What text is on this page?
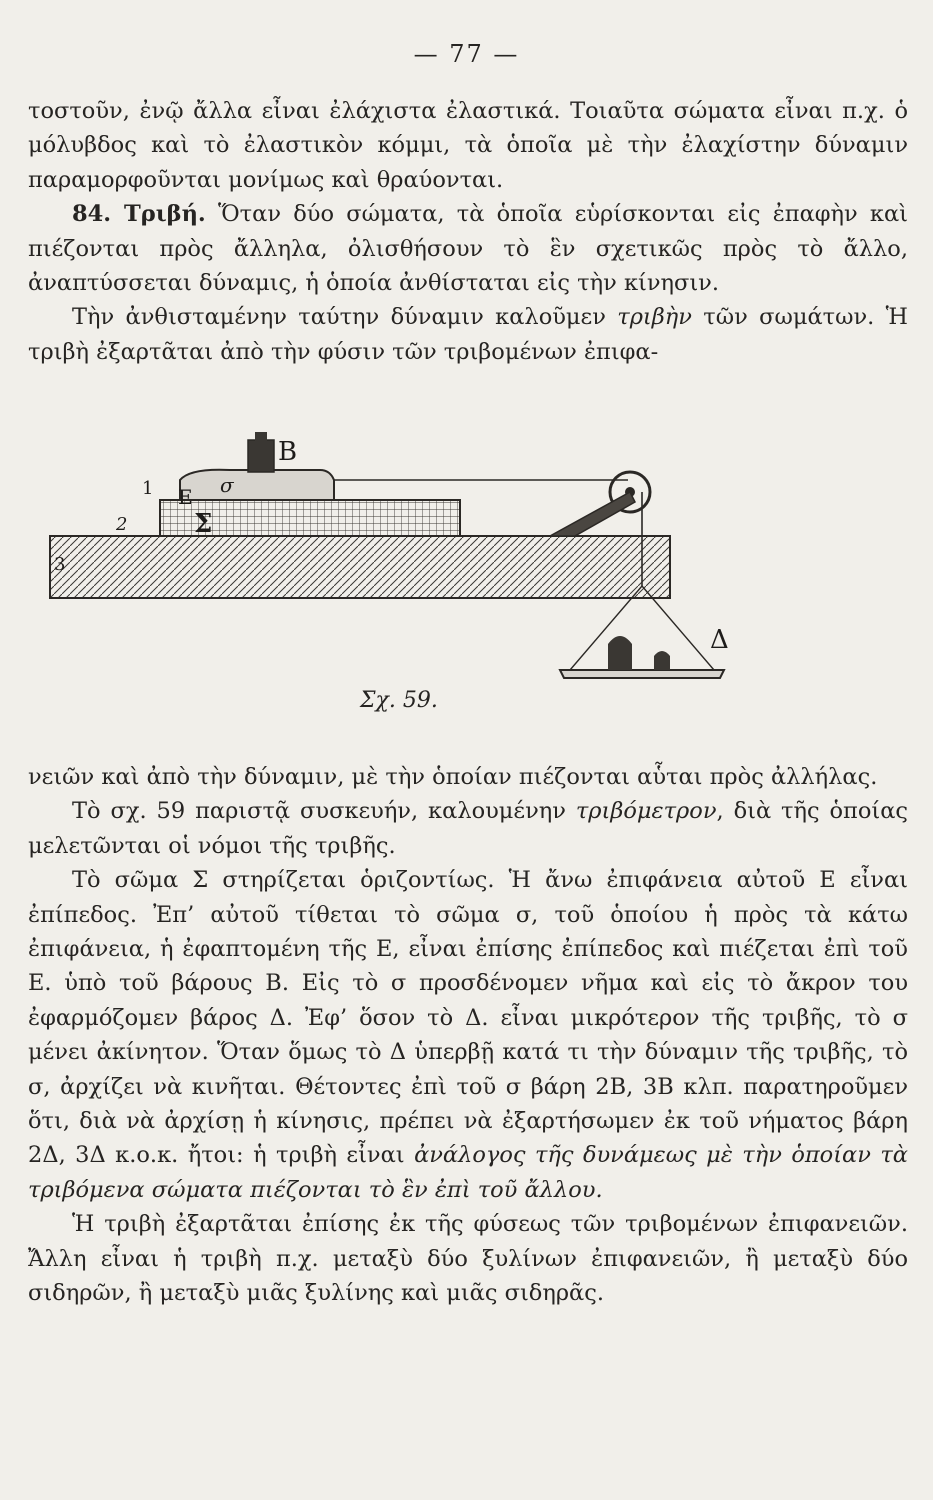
— 77 —

τοστοῦν, ἐνῷ ἄλλα εἶναι ἐλάχιστα ἐλαστικά. Τοιαῦτα σώματα εἶναι π.χ. ὁ μόλυβδος καὶ τὸ ἐλαστικὸν κόμμι, τὰ ὁποῖα μὲ τὴν ἐλαχίστην δύναμιν παραμορφοῦνται μονίμως καὶ θραύονται.

84. Τριβή. Ὅταν δύο σώματα, τὰ ὁποῖα εὑρίσκονται εἰς ἐπαφὴν καὶ πιέζονται πρὸς ἄλληλα, ὀλισθήσουν τὸ ἓν σχετικῶς πρὸς τὸ ἄλλο, ἀναπτύσσεται δύναμις, ἡ ὁποία ἀνθίσταται εἰς τὴν κίνησιν.

Τὴν ἀνθισταμένην ταύτην δύναμιν καλοῦμεν τριβὴν τῶν σωμάτων. Ἡ τριβὴ ἐξαρτᾶται ἀπὸ τὴν φύσιν τῶν τριβομένων ἐπιφα-

B
E
Σ
σ
Δ
1
2
3
Σχ. 59.

νειῶν καὶ ἀπὸ τὴν δύναμιν, μὲ τὴν ὁποίαν πιέζονται αὗται πρὸς ἀλλήλας.

Τὸ σχ. 59 παριστᾷ συσκευήν, καλουμένην τριβόμετρον, διὰ τῆς ὁποίας μελετῶνται οἱ νόμοι τῆς τριβῆς.

Τὸ σῶμα Σ στηρίζεται ὁριζοντίως. Ἡ ἄνω ἐπιφάνεια αὐτοῦ Ε εἶναι ἐπίπεδος. Ἐπ’ αὐτοῦ τίθεται τὸ σῶμα σ, τοῦ ὁποίου ἡ πρὸς τὰ κάτω ἐπιφάνεια, ἡ ἐφαπτομένη τῆς Ε, εἶναι ἐπίσης ἐπίπεδος καὶ πιέζεται ἐπὶ τοῦ Ε. ὑπὸ τοῦ βάρους Β. Εἰς τὸ σ προσδένομεν νῆμα καὶ εἰς τὸ ἄκρον του ἐφαρμόζομεν βάρος Δ. Ἐφ’ ὅσον τὸ Δ. εἶναι μικρότερον τῆς τριβῆς, τὸ σ μένει ἀκίνητον. Ὅταν ὅμως τὸ Δ ὑπερβῇ κατά τι τὴν δύναμιν τῆς τριβῆς, τὸ σ, ἀρχίζει νὰ κινῆται. Θέτοντες ἐπὶ τοῦ σ βάρη 2Β, 3Β κλπ. παρατηροῦμεν ὅτι, διὰ νὰ ἀρχίσῃ ἡ κίνησις, πρέπει νὰ ἐξαρτήσωμεν ἐκ τοῦ νήματος βάρη 2Δ, 3Δ κ.ο.κ. ἤτοι: ἡ τριβὴ εἶναι ἀνάλογος τῆς δυνάμεως μὲ τὴν ὁποίαν τὰ τριβόμενα σώματα πιέζονται τὸ ἓν ἐπὶ τοῦ ἄλλου.

Ἡ τριβὴ ἐξαρτᾶται ἐπίσης ἐκ τῆς φύσεως τῶν τριβομένων ἐπιφανειῶν. Ἄλλη εἶναι ἡ τριβὴ π.χ. μεταξὺ δύο ξυλίνων ἐπιφανειῶν, ἢ μεταξὺ δύο σιδηρῶν, ἢ μεταξὺ μιᾶς ξυλίνης καὶ μιᾶς σιδηρᾶς.
